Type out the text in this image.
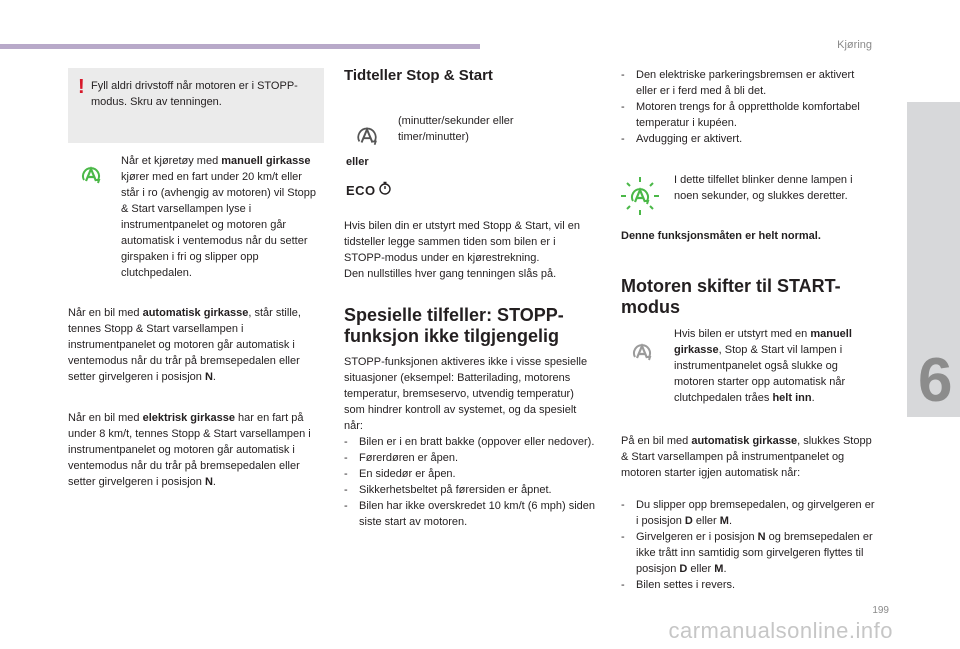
Kjøring
6
199
carmanualsonline.info
! Fyll aldri drivstoff når motoren er i STOPP-modus. Skru av tenningen.

Når et kjøretøy med manuell girkasse kjører med en fart under 20 km/t eller står i ro (avhengig av motoren) vil Stopp & Start varsellampen lyse i instrumentpanelet og motoren går automatisk i ventemodus når du setter girspaken i fri og slipper opp clutchpedalen.

Når en bil med automatisk girkasse, står stille, tennes Stopp & Start varsellampen i instrumentpanelet og motoren går automatisk i ventemodus når du trår på bremsepedalen eller setter girvelgeren i posisjon N.

Når en bil med elektrisk girkasse har en fart på under 8 km/t, tennes Stopp & Start varsellampen i instrumentpanelet og motoren går automatisk i ventemodus når du trår på bremsepedalen eller setter girvelgeren i posisjon N.

Tidteller Stop & Start

(minutter/sekunder eller timer/minutter)

eller

ECO

Hvis bilen din er utstyrt med Stopp & Start, vil en tidsteller legge sammen tiden som bilen er i STOPP-modus under en kjørestrekning.

Den nullstilles hver gang tenningen slås på.

Spesielle tilfeller: STOPP-funksjon ikke tilgjengelig

STOPP-funksjonen aktiveres ikke i visse spesielle situasjoner (eksempel: Batterilading, motorens temperatur, bremseservo, utvendig temperatur) som hindrer kontroll av systemet, og da spesielt når:

- Bilen er i en bratt bakke (oppover eller nedover).
- Førerdøren er åpen.
- En sidedør er åpen.
- Sikkerhetsbeltet på førersiden er åpnet.
- Bilen har ikke overskredet 10 km/t (6 mph) siden siste start av motoren.
- Den elektriske parkeringsbremsen er aktivert eller er i ferd med å bli det.
- Motoren trengs for å opprettholde komfortabel temperatur i kupéen.
- Avdugging er aktivert.

I dette tilfellet blinker denne lampen i noen sekunder, og slukkes deretter.

Denne funksjonsmåten er helt normal.

Motoren skifter til START-modus

Hvis bilen er utstyrt med en manuell girkasse, Stop & Start vil lampen i instrumentpanelet også slukke og motoren starter opp automatisk når clutchpedalen tråes helt inn.

På en bil med automatisk girkasse, slukkes Stopp & Start varsellampen på instrumentpanelet og motoren starter igjen automatisk når:

- Du slipper opp bremsepedalen, og girvelgeren er i posisjon D eller M.
- Girvelgeren er i posisjon N og bremsepedalen er ikke trått inn samtidig som girvelgeren flyttes til posisjon D eller M.
- Bilen settes i revers.
